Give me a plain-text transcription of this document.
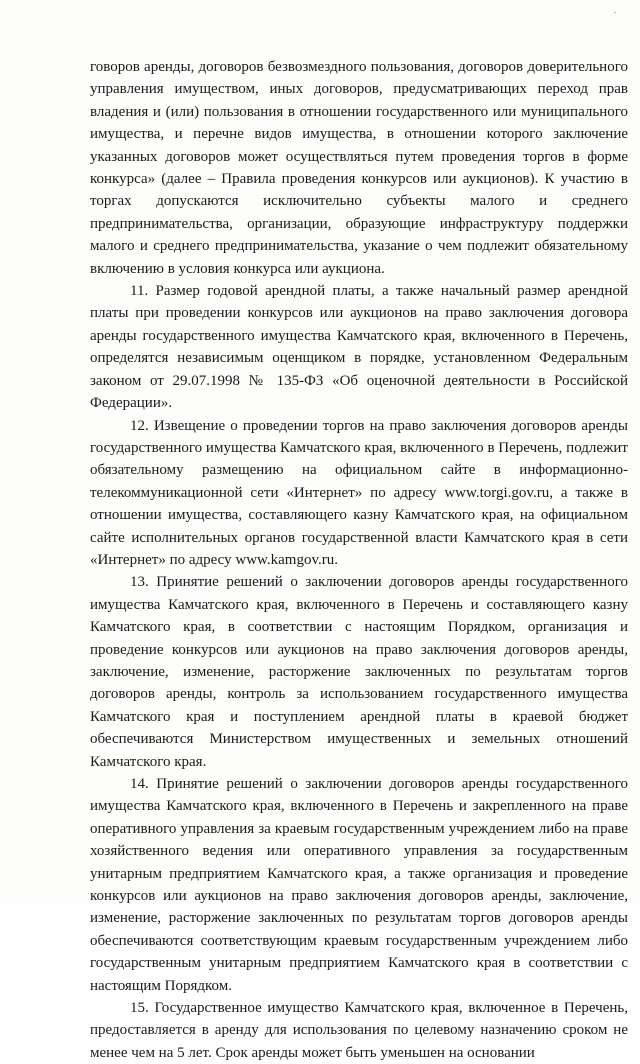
·

говоров аренды, договоров безвозмездного пользования, договоров доверительного управления имуществом, иных договоров, предусматривающих переход прав владения и (или) пользования в отношении государственного или муниципального имущества, и перечне видов имущества, в отношении которого заключение указанных договоров может осуществляться путем проведения торгов в форме конкурса» (далее – Правила проведения конкурсов или аукционов). К участию в торгах допускаются исключительно субъекты малого и среднего предпринимательства, организации, образующие инфраструктуру поддержки малого и среднего предпринимательства, указание о чем подлежит обязательному включению в условия конкурса или аукциона.

11. Размер годовой арендной платы, а также начальный размер арендной платы при проведении конкурсов или аукционов на право заключения договора аренды государственного имущества Камчатского края, включенного в Перечень, определятся независимым оценщиком в порядке, установленном Федеральным законом от 29.07.1998 № 135-ФЗ «Об оценочной деятельности в Российской Федерации».

12. Извещение о проведении торгов на право заключения договоров аренды государственного имущества Камчатского края, включенного в Перечень, подлежит обязательному размещению на официальном сайте в информационно-телекоммуникационной сети «Интернет» по адресу www.torgi.gov.ru, а также в отношении имущества, составляющего казну Камчатского края, на официальном сайте исполнительных органов государственной власти Камчатского края в сети «Интернет» по адресу www.kamgov.ru.

13. Принятие решений о заключении договоров аренды государственного имущества Камчатского края, включенного в Перечень и составляющего казну Камчатского края, в соответствии с настоящим Порядком, организация и проведение конкурсов или аукционов на право заключения договоров аренды, заключение, изменение, расторжение заключенных по результатам торгов договоров аренды, контроль за использованием государственного имущества Камчатского края и поступлением арендной платы в краевой бюджет обеспечиваются Министерством имущественных и земельных отношений Камчатского края.

14. Принятие решений о заключении договоров аренды государственного имущества Камчатского края, включенного в Перечень и закрепленного на праве оперативного управления за краевым государственным учреждением либо на праве хозяйственного ведения или оперативного управления за государственным унитарным предприятием Камчатского края, а также организация и проведение конкурсов или аукционов на право заключения договоров аренды, заключение, изменение, расторжение заключенных по результатам торгов договоров аренды обеспечиваются соответствующим краевым государственным учреждением либо государственным унитарным предприятием Камчатского края в соответствии с настоящим Порядком.

15. Государственное имущество Камчатского края, включенное в Перечень, предоставляется в аренду для использования по целевому назначению сроком не менее чем на 5 лет. Срок аренды может быть уменьшен на основании
